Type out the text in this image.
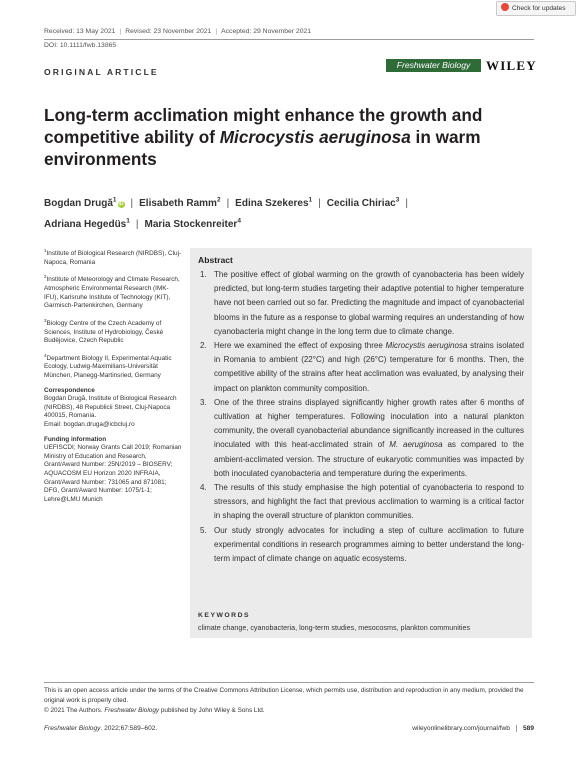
Check for updates
Received: 13 May 2021 | Revised: 23 November 2021 | Accepted: 29 November 2021
DOI: 10.1111/fwb.13865
ORIGINAL ARTICLE
Freshwater Biology	WILEY
Long-term acclimation might enhance the growth and competitive ability of Microcystis aeruginosa in warm environments
Bogdan Drugă$^1$iD | Elisabeth Ramm$^2$ | Edina Szekeres$^1$ | Cecilia Chiriac$^3$ |
Adriana Hegedüs$^1$ | Maria Stockenreiter$^4$

$^1$Institute of Biological Research (NIRDBS), Cluj-Napoca, Romania

$^2$Institute of Meteorology and Climate Research, Atmospheric Environmental Research (IMK-IFU), Karlsruhe Institute of Technology (KIT), Garmisch-Partenkirchen, Germany

$^3$Biology Centre of the Czech Academy of Sciences, Institute of Hydrobiology, České Budějovice, Czech Republic

$^4$Department Biology II, Experimental Aquatic Ecology, Ludwig-Maximilians-Universität München, Planegg-Martinsried, Germany

Correspondence
Bogdan Drugă, Institute of Biological Research (NIRDBS), 48 Republicii Street, Cluj-Napoca 400015, Romania.
Email: bogdan.druga@icbcluj.ro

Funding information
UEFISCDI; Norway Grants Call 2019; Romanian Ministry of Education and Research, Grant/Award Number: 25N/2019 – BIOSERV; AQUACOSM EU Horizon 2020 INFRAIA, Grant/Award Number: 731065 and 871081; DFG, Grant/Award Number: 1075/1-1; Lehre@LMU Munich

Abstract
1. The positive effect of global warming on the growth of cyanobacteria has been widely predicted, but long-term studies targeting their adaptive potential to higher temperature have not been carried out so far. Predicting the magnitude and impact of cyanobacterial blooms in the future as a response to global warming requires an understanding of how cyanobacteria might change in the long term due to climate change.
2. Here we examined the effect of exposing three Microcystis aeruginosa strains isolated in Romania to ambient (22°C) and high (26°C) temperature for 6 months. Then, the competitive ability of the strains after heat acclimation was evaluated, by analysing their impact on plankton community composition.
3. One of the three strains displayed significantly higher growth rates after 6 months of cultivation at higher temperatures. Following inoculation into a natural plankton community, the overall cyanobacterial abundance significantly increased in the cultures inoculated with this heat-acclimated strain of M. aeruginosa as compared to the ambient-acclimated version. The structure of eukaryotic communities was impacted by both inoculated cyanobacteria and temperature during the experiments.
4. The results of this study emphasise the high potential of cyanobacteria to respond to stressors, and highlight the fact that previous acclimation to warming is a critical factor in shaping the overall structure of plankton communities.
5. Our study strongly advocates for including a step of culture acclimation to future experimental conditions in research programmes aiming to better understand the long-term impact of climate change on aquatic ecosystems.
KEYWORDS
climate change, cyanobacteria, long-term studies, mesocosms, plankton communities
This is an open access article under the terms of the Creative Commons Attribution License, which permits use, distribution and reproduction in any medium, provided the original work is properly cited.
© 2021 The Authors. Freshwater Biology published by John Wiley & Sons Ltd.
Freshwater Biology. 2022;67:589–602.	wileyonlinelibrary.com/journal/fwb 589
